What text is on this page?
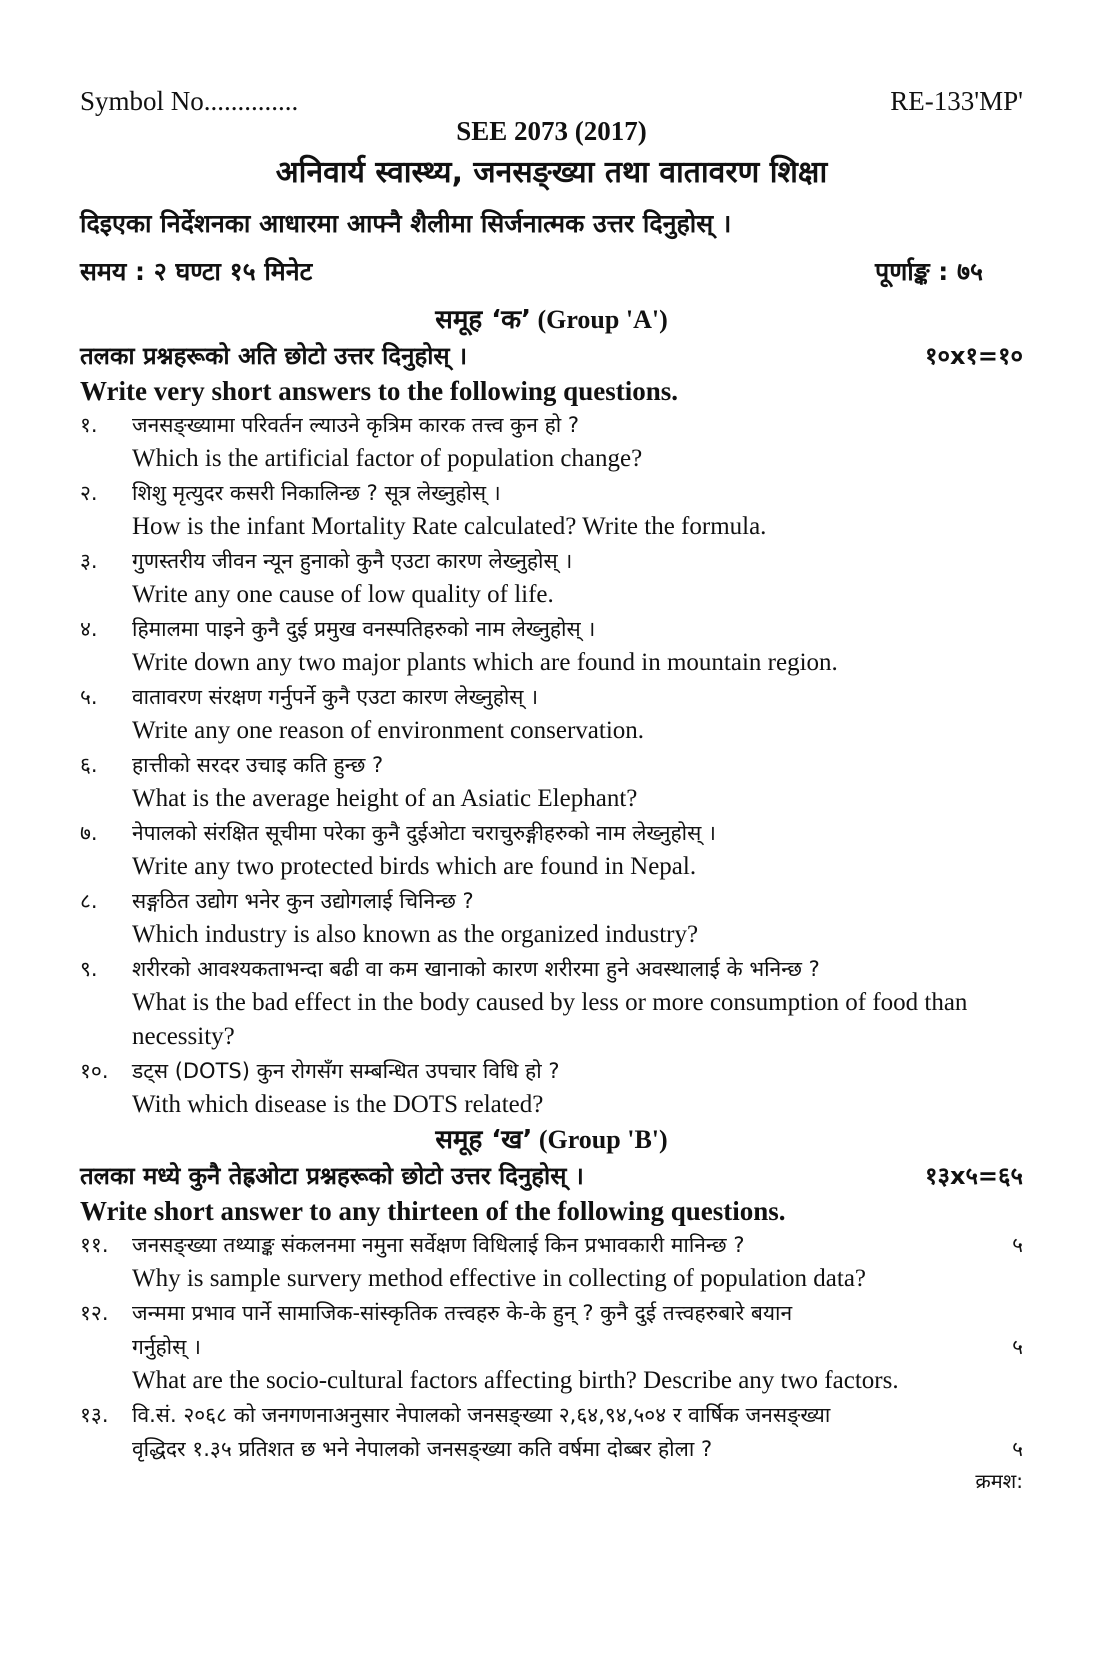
Symbol No..............	RE-133'MP'
SEE 2073 (2017)
अनिवार्य स्वास्थ्य, जनसङ्ख्या तथा वातावरण शिक्षा
दिइएका निर्देशनका आधारमा आफ्नै शैलीमा सिर्जनात्मक उत्तर दिनुहोस् ।
समय : २ घण्टा १५ मिनेट	पूर्णाङ्क : ७५
समूह ‘क’ (Group 'A')
तलका प्रश्नहरूको अति छोटो उत्तर दिनुहोस् ।	१०x१=१०
Write very short answers to the following questions.
१.	जनसङ्ख्यामा परिवर्तन ल्याउने कृत्रिम कारक तत्त्व कुन हो ?
Which is the artificial factor of population change?
२.	शिशु मृत्युदर कसरी निकालिन्छ ? सूत्र लेख्नुहोस् ।
How is the infant Mortality Rate calculated? Write the formula.
३.	गुणस्तरीय जीवन न्यून हुनाको कुनै एउटा कारण लेख्नुहोस् ।
Write any one cause of low quality of life.
४.	हिमालमा पाइने कुनै दुई प्रमुख वनस्पतिहरुको नाम लेख्नुहोस् ।
Write down any two major plants which are found in mountain region.
५.	वातावरण संरक्षण गर्नुपर्ने कुनै एउटा कारण लेख्नुहोस् ।
Write any one reason of environment conservation.
६.	हात्तीको सरदर उचाइ कति हुन्छ ?
What is the average height of an Asiatic Elephant?
७.	नेपालको संरक्षित सूचीमा परेका कुनै दुईओटा चराचुरुङ्गीहरुको नाम लेख्नुहोस् ।
Write any two protected birds which are found in Nepal.
८.	सङ्गठित उद्योग भनेर कुन उद्योगलाई चिनिन्छ ?
Which industry is also known as the organized industry?
९.	शरीरको आवश्यकताभन्दा बढी वा कम खानाको कारण शरीरमा हुने अवस्थालाई के भनिन्छ ?
What is the bad effect in the body caused by less or more consumption of food than necessity?
१०.	डट्स (DOTS) कुन रोगसँग सम्बन्धित उपचार विधि हो ?
With which disease is the DOTS related?
समूह ‘ख’ (Group 'B')
तलका मध्ये कुनै तेह्रओटा प्रश्नहरूको छोटो उत्तर दिनुहोस् ।	१३x५=६५
Write short answer to any thirteen of the following questions.
११.	जनसङ्ख्या तथ्याङ्क संकलनमा नमुना सर्वेक्षण विधिलाई किन प्रभावकारी मानिन्छ ?	५
Why is sample survery method effective in collecting of population data?
१२.	जन्ममा प्रभाव पार्ने सामाजिक-सांस्कृतिक तत्त्वहरु के-के हुन् ? कुनै दुई तत्त्वहरुबारे बयान
गर्नुहोस् ।	५
What are the socio-cultural factors affecting birth? Describe any two factors.
१३.	वि.सं. २०६८ को जनगणनाअनुसार नेपालको जनसङ्ख्या २,६४,९४,५०४ र वार्षिक जनसङ्ख्या
वृद्धिदर १.३५ प्रतिशत छ भने नेपालको जनसङ्ख्या कति वर्षमा दोब्बर होला ?	५
क्रमश:
